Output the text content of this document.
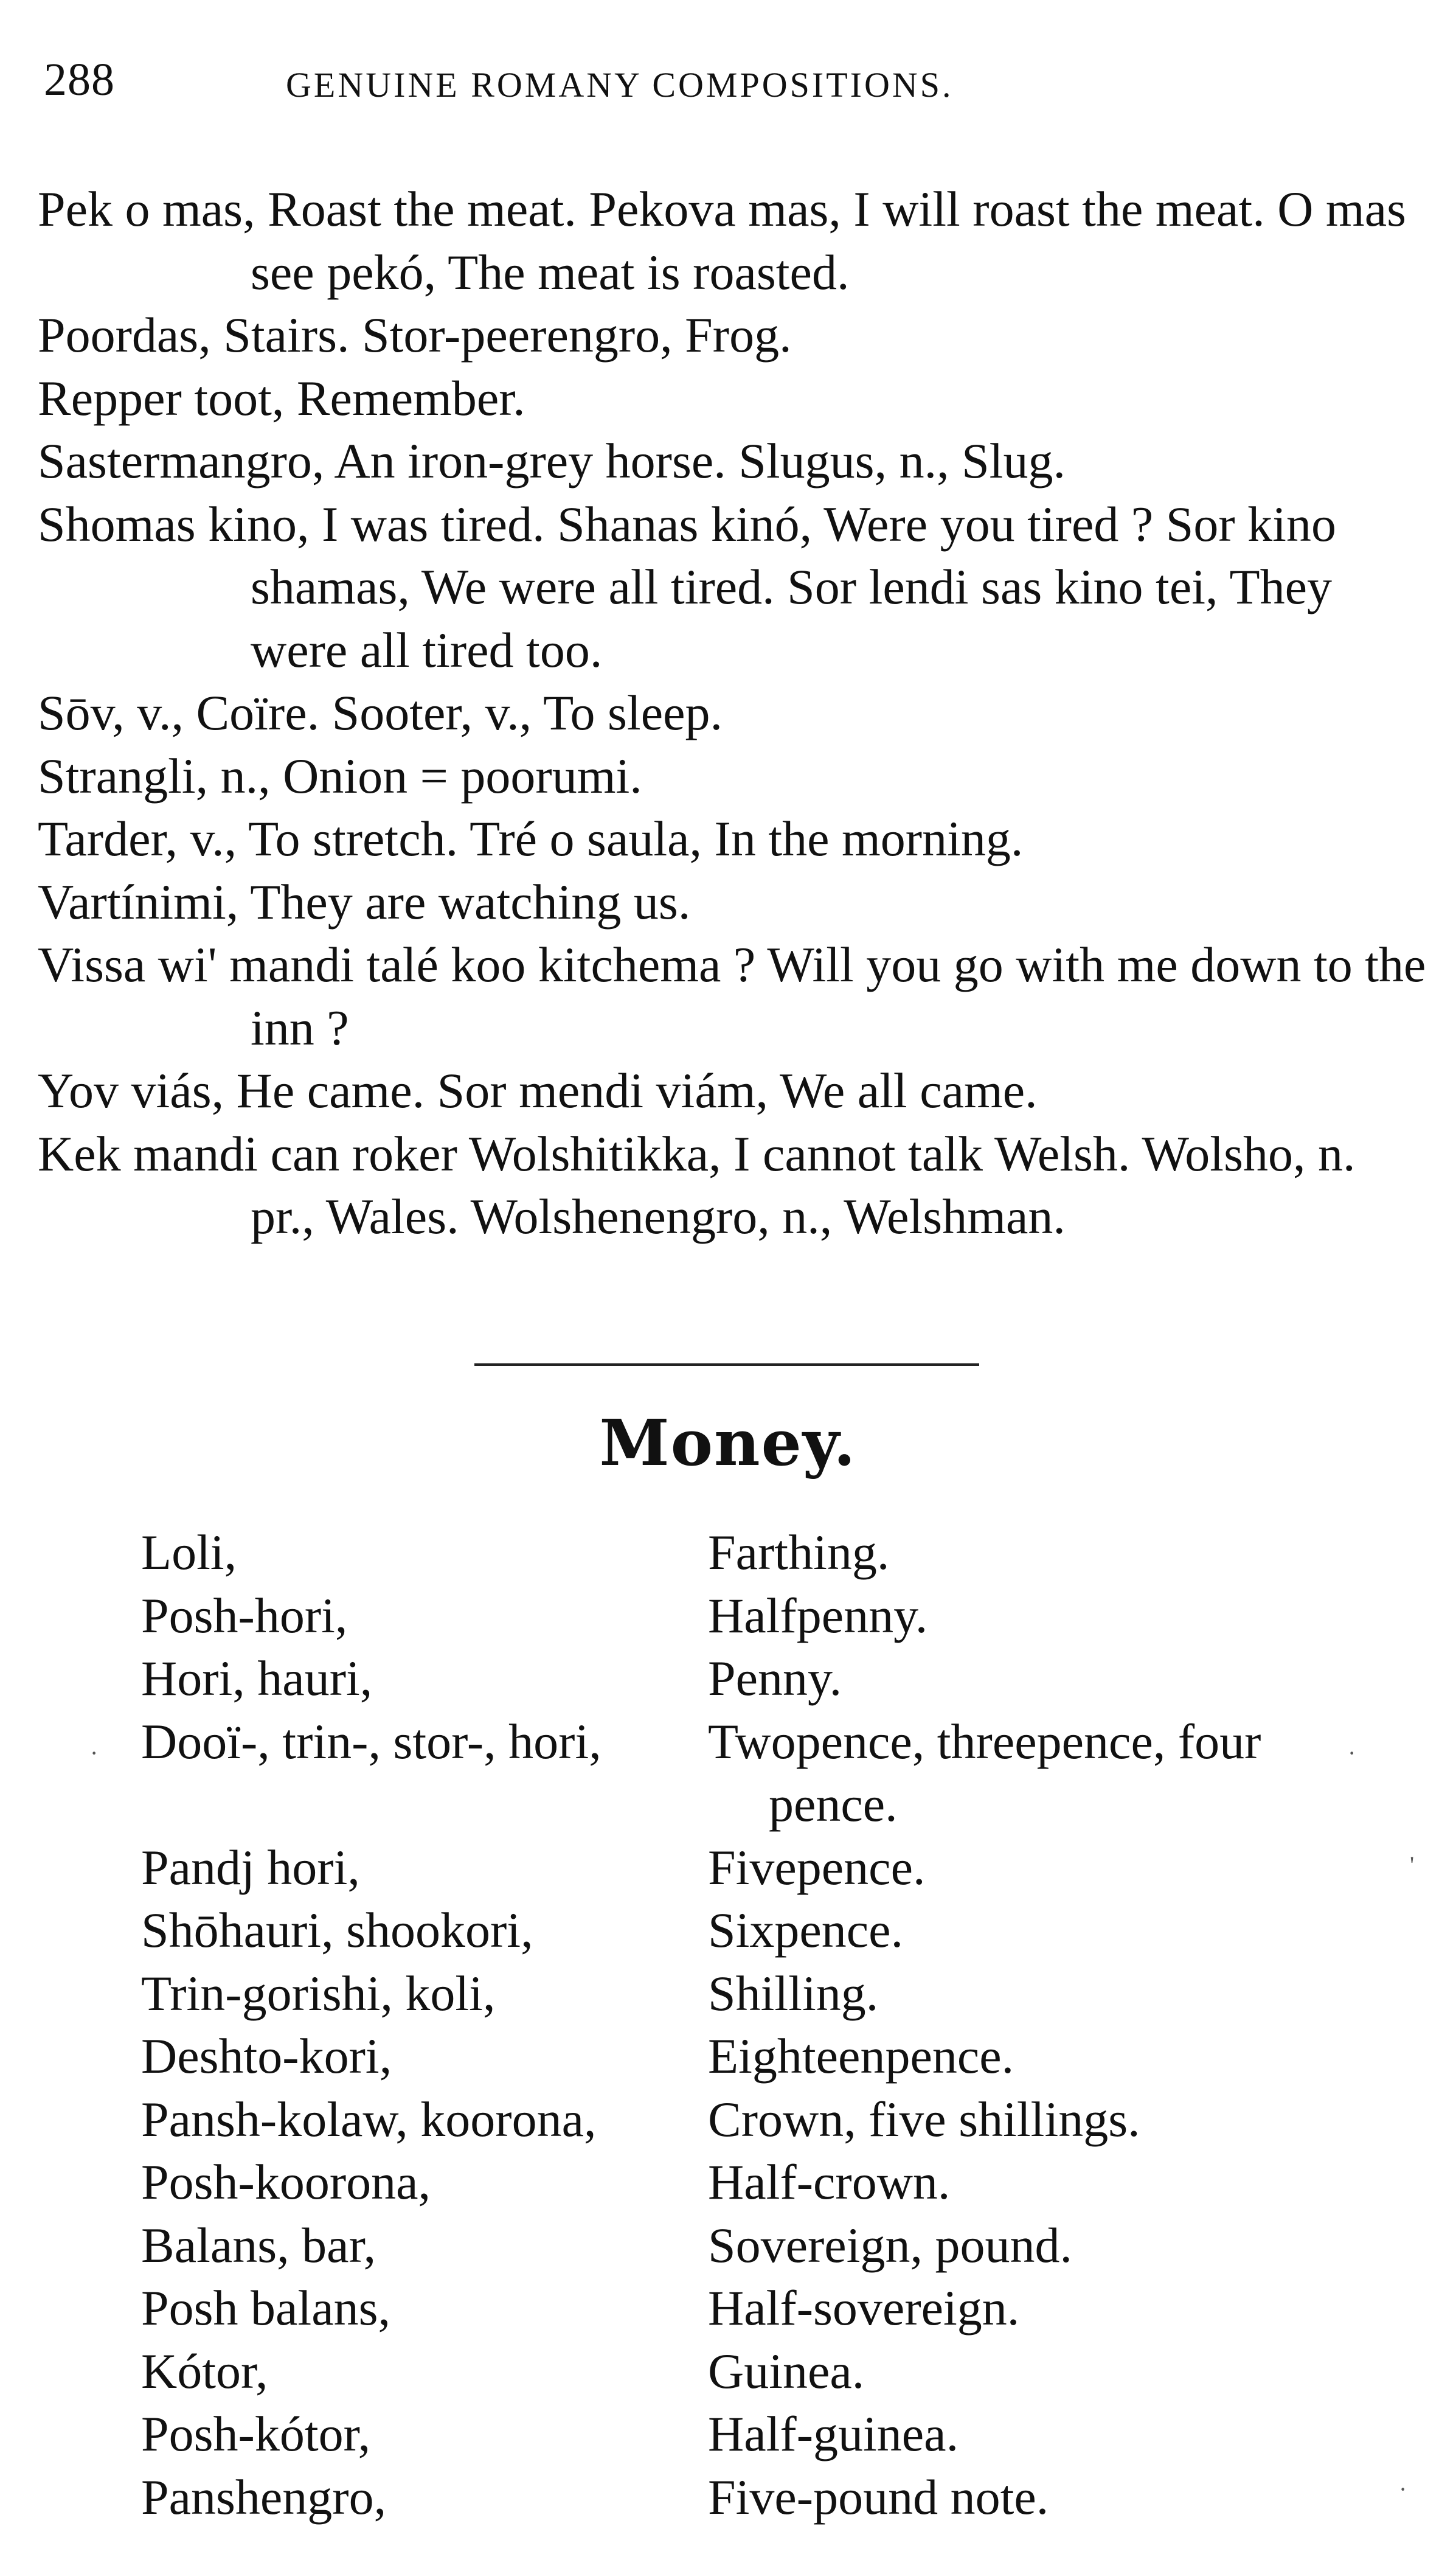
288	GENUINE ROMANY COMPOSITIONS.

Pek o mas, Roast the meat. Pekova mas, I will roast the meat. O mas see pekó, The meat is roasted.

Poordas, Stairs. Stor-peerengro, Frog.

Repper toot, Remember.

Sastermangro, An iron-grey horse. Slugus, n., Slug.

Shomas kino, I was tired. Shanas kinó, Were you tired ? Sor kino shamas, We were all tired. Sor lendi sas kino tei, They were all tired too.

Sōv, v., Coïre. Sooter, v., To sleep.

Strangli, n., Onion = poorumi.

Tarder, v., To stretch. Tré o saula, In the morning.

Vartínimi, They are watching us.

Vissa wi' mandi talé koo kitchema ? Will you go with me down to the inn ?

Yov viás, He came. Sor mendi viám, We all came.

Kek mandi can roker Wolshitikka, I cannot talk Welsh. Wolsho, n. pr., Wales. Wolshenengro, n., Welshman.

Money.
Loli,	Farthing.
Posh-hori,	Halfpenny.
Hori, hauri,	Penny.
Dooï-, trin-, stor-, hori,	Twopence, threepence, four pence.
Pandj hori,	Fivepence.
Shōhauri, shookori,	Sixpence.
Trin-gorishi, koli,	Shilling.
Deshto-kori,	Eighteenpence.
Pansh-kolaw, koorona,	Crown, five shillings.
Posh-koorona,	Half-crown.
Balans, bar,	Sovereign, pound.
Posh balans,	Half-sovereign.
Kótor,	Guinea.
Posh-kótor,	Half-guinea.
Panshengro,	Five-pound note.
·	·
'
·
